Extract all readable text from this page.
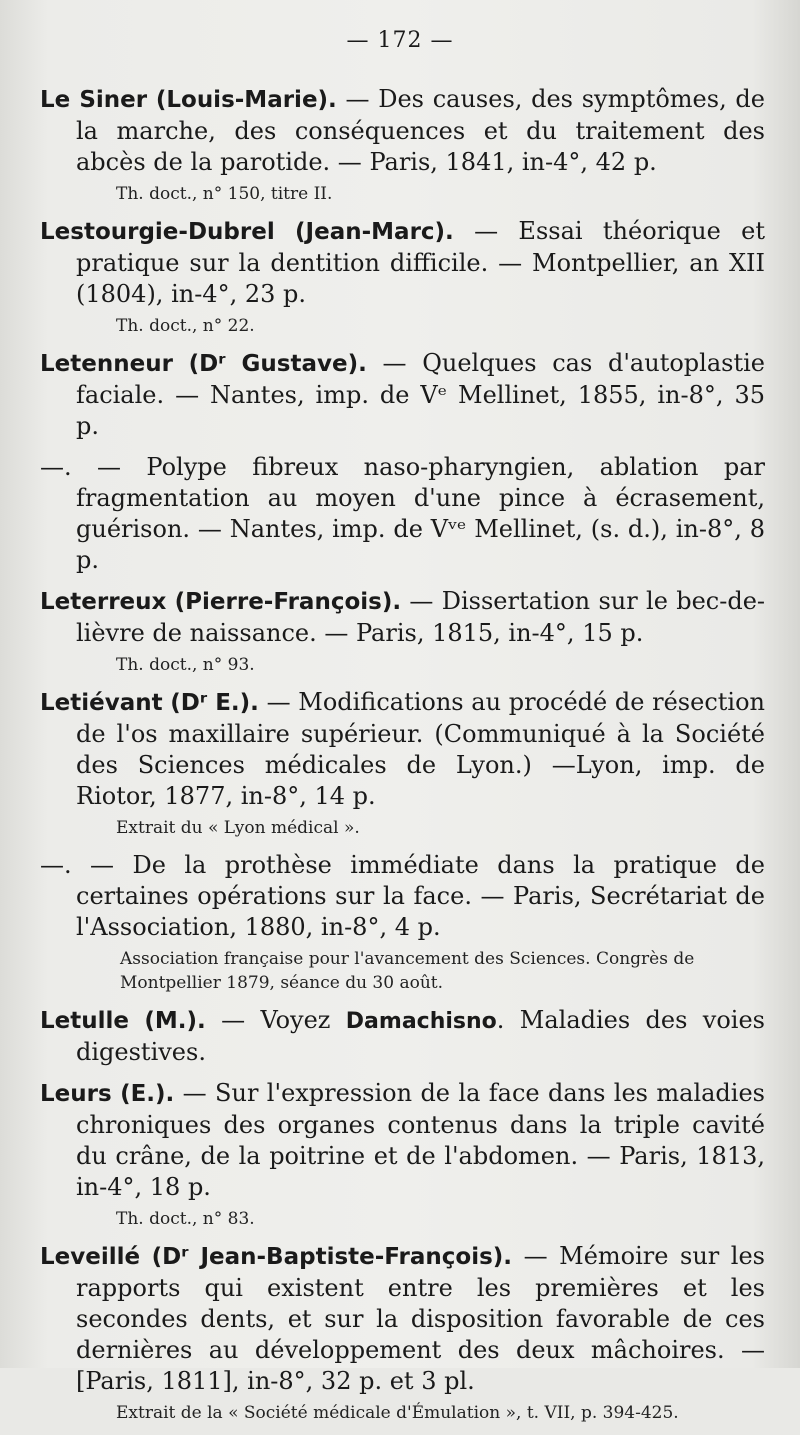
— 172 —

Le Siner (Louis-Marie). — Des causes, des symptômes, de la marche, des conséquences et du traitement des abcès de la parotide. — Paris, 1841, in-4°, 42 p.

Th. doct., n° 150, titre II.

Lestourgie-Dubrel (Jean-Marc). — Essai théorique et pratique sur la dentition difficile. — Montpellier, an XII (1804), in-4°, 23 p.

Th. doct., n° 22.

Letenneur (Dʳ Gustave). — Quelques cas d'autoplastie faciale. — Nantes, imp. de Vᵉ Mellinet, 1855, in-8°, 35 p.

—. — Polype fibreux naso-pharyngien, ablation par fragmentation au moyen d'une pince à écrasement, guérison. — Nantes, imp. de Vᵛᵉ Mellinet, (s. d.), in-8°, 8 p.

Leterreux (Pierre-François). — Dissertation sur le bec-de-lièvre de naissance. — Paris, 1815, in-4°, 15 p.

Th. doct., n° 93.

Letiévant (Dʳ E.). — Modifications au procédé de résection de l'os maxillaire supérieur. (Communiqué à la Société des Sciences médicales de Lyon.) —Lyon, imp. de Riotor, 1877, in-8°, 14 p.

Extrait du « Lyon médical ».

—. — De la prothèse immédiate dans la pratique de certaines opérations sur la face. — Paris, Secrétariat de l'Association, 1880, in-8°, 4 p.

Association française pour l'avancement des Sciences. Congrès de Montpellier 1879, séance du 30 août.

Letulle (M.). — Voyez Damachisno. Maladies des voies digestives.

Leurs (E.). — Sur l'expression de la face dans les maladies chroniques des organes contenus dans la triple cavité du crâne, de la poitrine et de l'abdomen. — Paris, 1813, in-4°, 18 p.

Th. doct., n° 83.

Leveillé (Dʳ Jean-Baptiste-François). — Mémoire sur les rapports qui existent entre les premières et les secondes dents, et sur la disposition favorable de ces dernières au développement des deux mâchoires. — [Paris, 1811], in-8°, 32 p. et 3 pl.

Extrait de la « Société médicale d'Émulation », t. VII, p. 394-425.
